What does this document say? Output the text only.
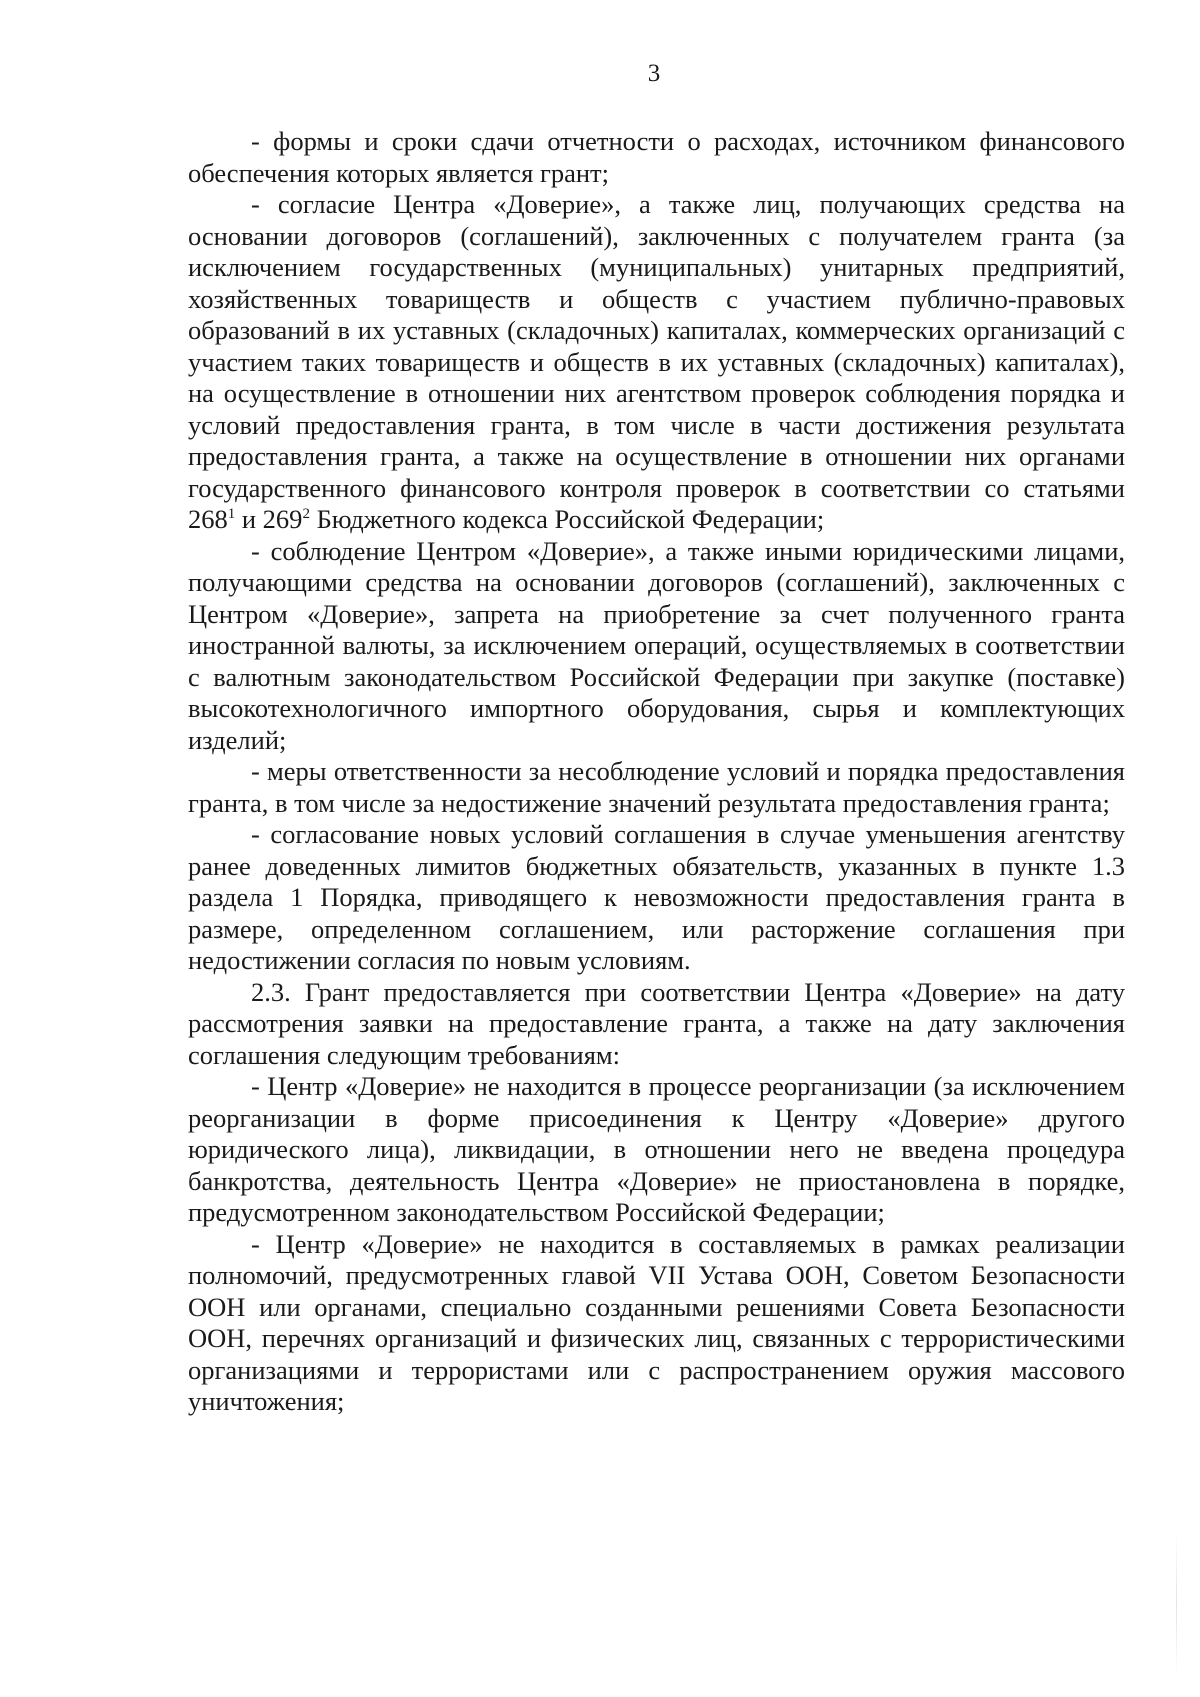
3

- формы и сроки сдачи отчетности о расходах, источником финансового обеспечения которых является грант;

- согласие Центра «Доверие», а также лиц, получающих средства на основании договоров (соглашений), заключенных с получателем гранта (за исключением государственных (муниципальных) унитарных предприятий, хозяйственных товариществ и обществ с участием публично-правовых образований в их уставных (складочных) капиталах, коммерческих организаций с участием таких товариществ и обществ в их уставных (складочных) капиталах), на осуществление в отношении них агентством проверок соблюдения порядка и условий предоставления гранта, в том числе в части достижения результата предоставления гранта, а также на осуществление в отношении них органами государственного финансового контроля проверок в соответствии со статьями $268^1$ и $269^2$ Бюджетного кодекса Российской Федерации;

- соблюдение Центром «Доверие», а также иными юридическими лицами, получающими средства на основании договоров (соглашений), заключенных с Центром «Доверие», запрета на приобретение за счет полученного гранта иностранной валюты, за исключением операций, осуществляемых в соответствии с валютным законодательством Российской Федерации при закупке (поставке) высокотехнологичного импортного оборудования, сырья и комплектующих изделий;

- меры ответственности за несоблюдение условий и порядка предоставления гранта, в том числе за недостижение значений результата предоставления гранта;

- согласование новых условий соглашения в случае уменьшения агентству ранее доведенных лимитов бюджетных обязательств, указанных в пункте 1.3 раздела 1 Порядка, приводящего к невозможности предоставления гранта в размере, определенном соглашением, или расторжение соглашения при недостижении согласия по новым условиям.

2.3. Грант предоставляется при соответствии Центра «Доверие» на дату рассмотрения заявки на предоставление гранта, а также на дату заключения соглашения следующим требованиям:

- Центр «Доверие» не находится в процессе реорганизации (за исключением реорганизации в форме присоединения к Центру «Доверие» другого юридического лица), ликвидации, в отношении него не введена процедура банкротства, деятельность Центра «Доверие» не приостановлена в порядке, предусмотренном законодательством Российской Федерации;

- Центр «Доверие» не находится в составляемых в рамках реализации полномочий, предусмотренных главой VII Устава ООН, Советом Безопасности ООН или органами, специально созданными решениями Совета Безопасности ООН, перечнях организаций и физических лиц, связанных с террористическими организациями и террористами или с распространением оружия массового уничтожения;
